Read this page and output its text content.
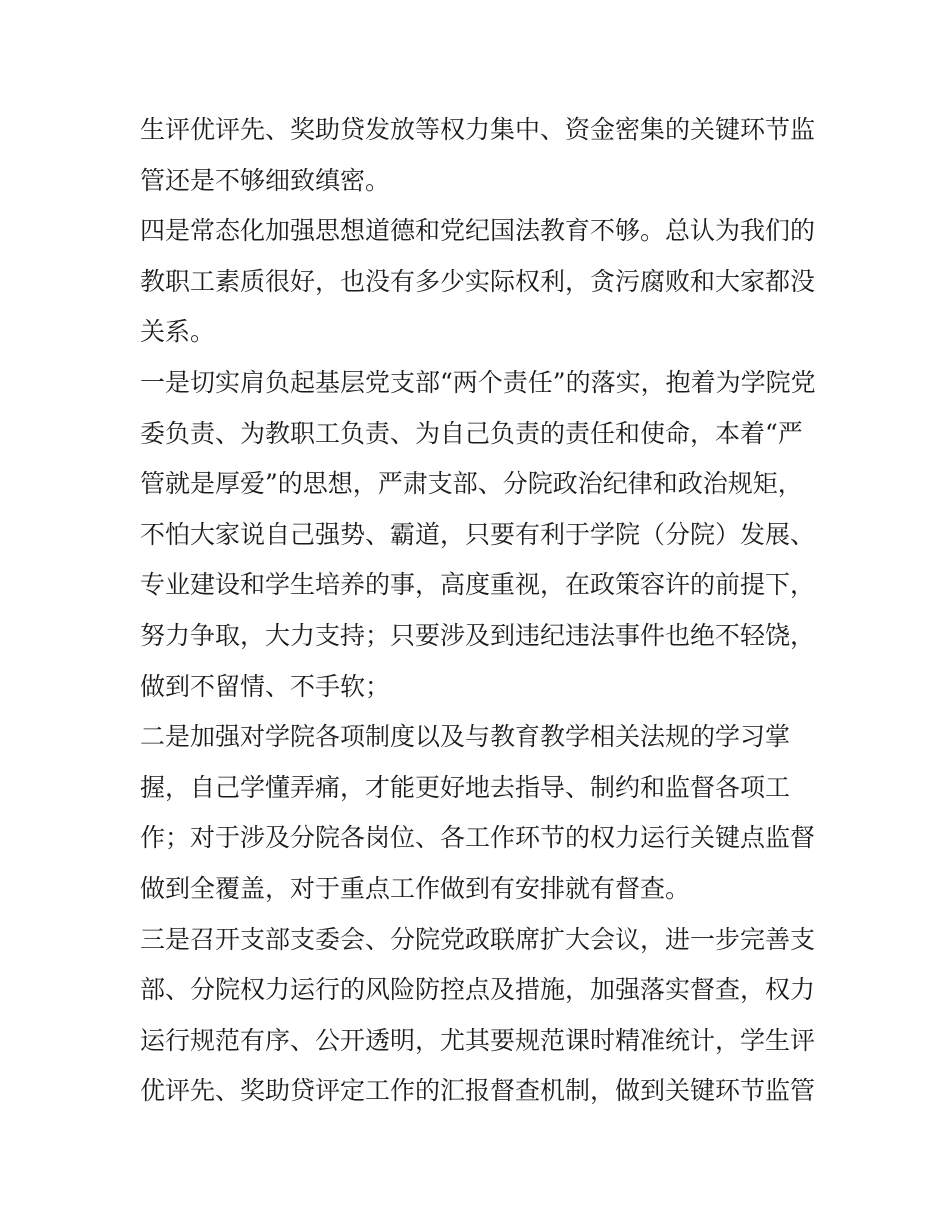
生评优评先、奖助贷发放等权力集中、资金密集的关键环节监
管还是不够细致缜密。
四是常态化加强思想道德和党纪国法教育不够。总认为我们的
教职工素质很好，也没有多少实际权利，贪污腐败和大家都没
关系。
一是切实肩负起基层党支部“两个责任”的落实，抱着为学院党
委负责、为教职工负责、为自己负责的责任和使命，本着“严
管就是厚爱”的思想，严肃支部、分院政治纪律和政治规矩，
不怕大家说自己强势、霸道，只要有利于学院（分院）发展、
专业建设和学生培养的事，高度重视，在政策容许的前提下，
努力争取，大力支持；只要涉及到违纪违法事件也绝不轻饶，
做到不留情、不手软；
二是加强对学院各项制度以及与教育教学相关法规的学习掌
握，自己学懂弄痛，才能更好地去指导、制约和监督各项工
作；对于涉及分院各岗位、各工作环节的权力运行关键点监督
做到全覆盖，对于重点工作做到有安排就有督查。
三是召开支部支委会、分院党政联席扩大会议，进一步完善支
部、分院权力运行的风险防控点及措施，加强落实督查，权力
运行规范有序、公开透明，尤其要规范课时精准统计，学生评
优评先、奖助贷评定工作的汇报督查机制，做到关键环节监管
